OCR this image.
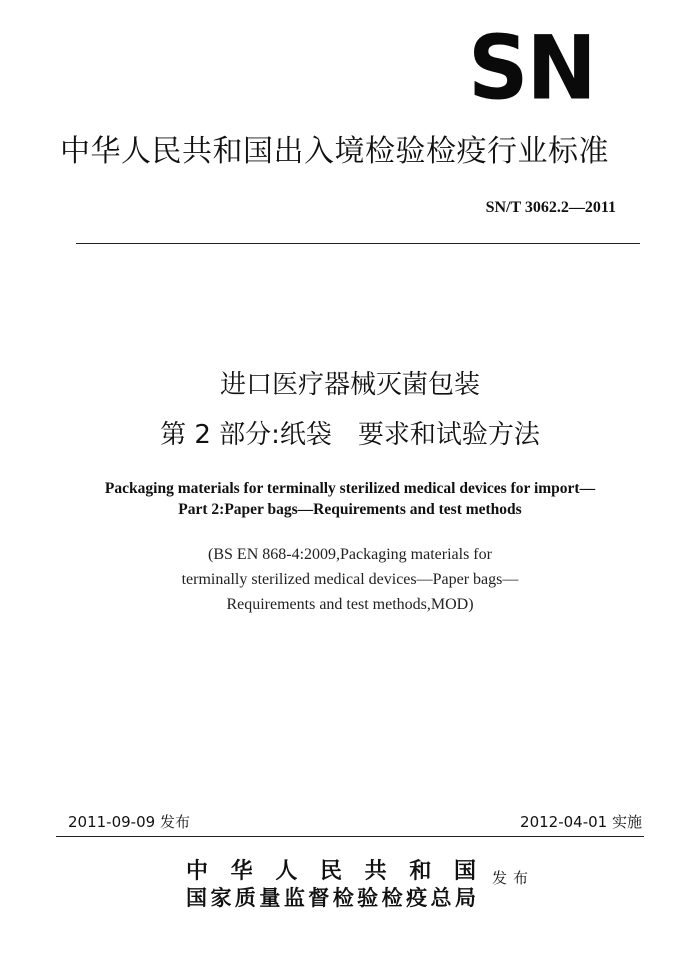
SN
中华人民共和国出入境检验检疫行业标准
SN/T 3062.2—2011
进口医疗器械灭菌包装
第 2 部分:纸袋　要求和试验方法
Packaging materials for terminally sterilized medical devices for import—
Part 2:Paper bags—Requirements and test methods
(BS EN 868-4:2009,Packaging materials for
terminally sterilized medical devices—Paper bags—
Requirements and test methods,MOD)
2011-09-09 发布	2012-04-01 实施
中华人民共和国
国家质量监督检验检疫总局
发布
